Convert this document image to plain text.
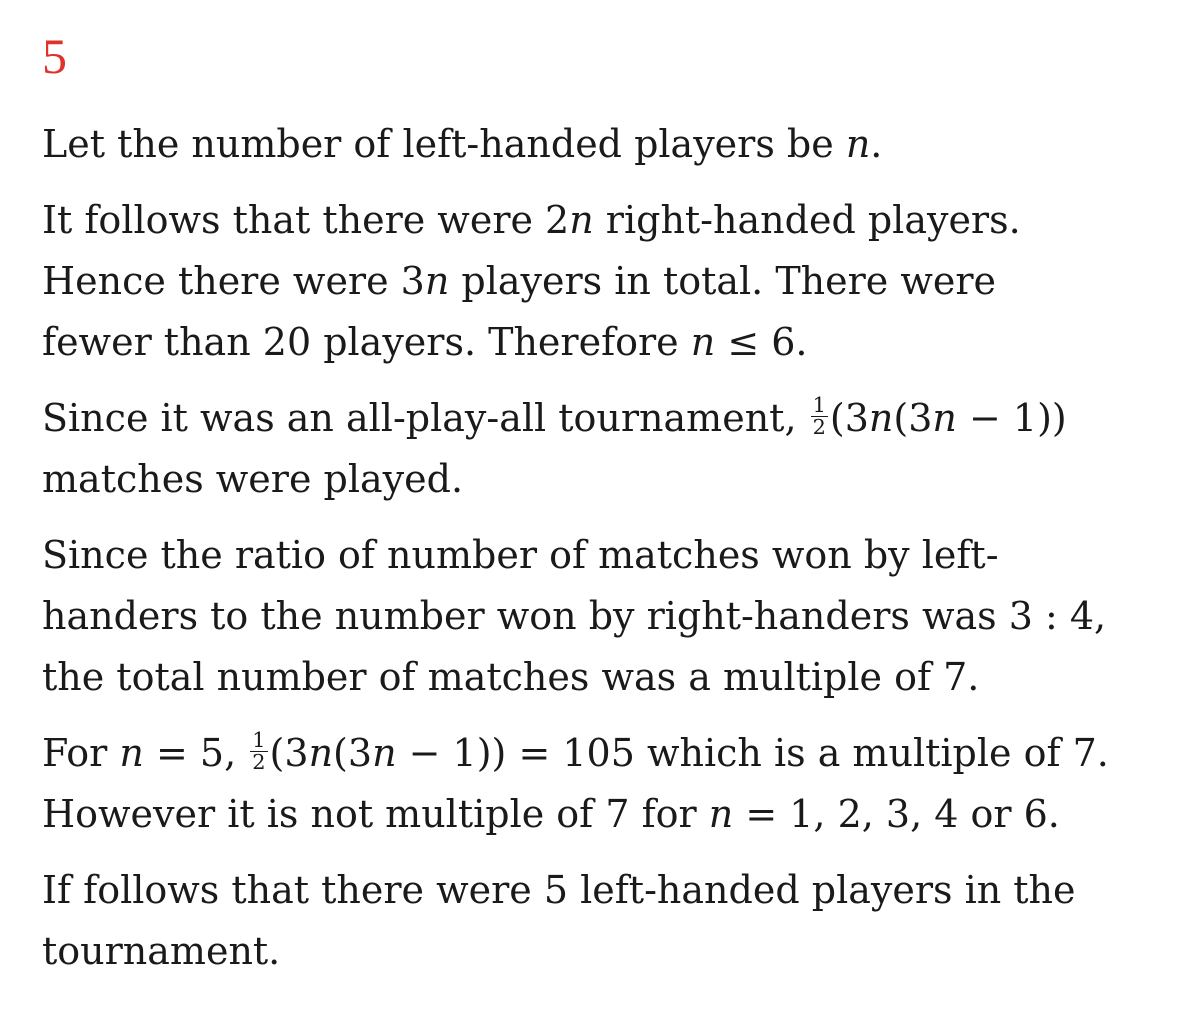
5
Let the number of left-handed players be n.
It follows that there were 2n right-handed players.
Hence there were 3n players in total. There were
fewer than 20 players. Therefore n ≤ 6.
Since it was an all-play-all tournament, $\frac{1}{2} (3n(3n - 1))$
matches were played.
Since the ratio of number of matches won by left-
handers to the number won by right-handers was 3 : 4,
the total number of matches was a multiple of 7.
For n = 5, $\frac{1}{2} (3n(3n - 1)) = 105$ which is a multiple of 7.
However it is not multiple of 7 for n = 1, 2, 3, 4 or 6.
If follows that there were 5 left-handed players in the
tournament.
